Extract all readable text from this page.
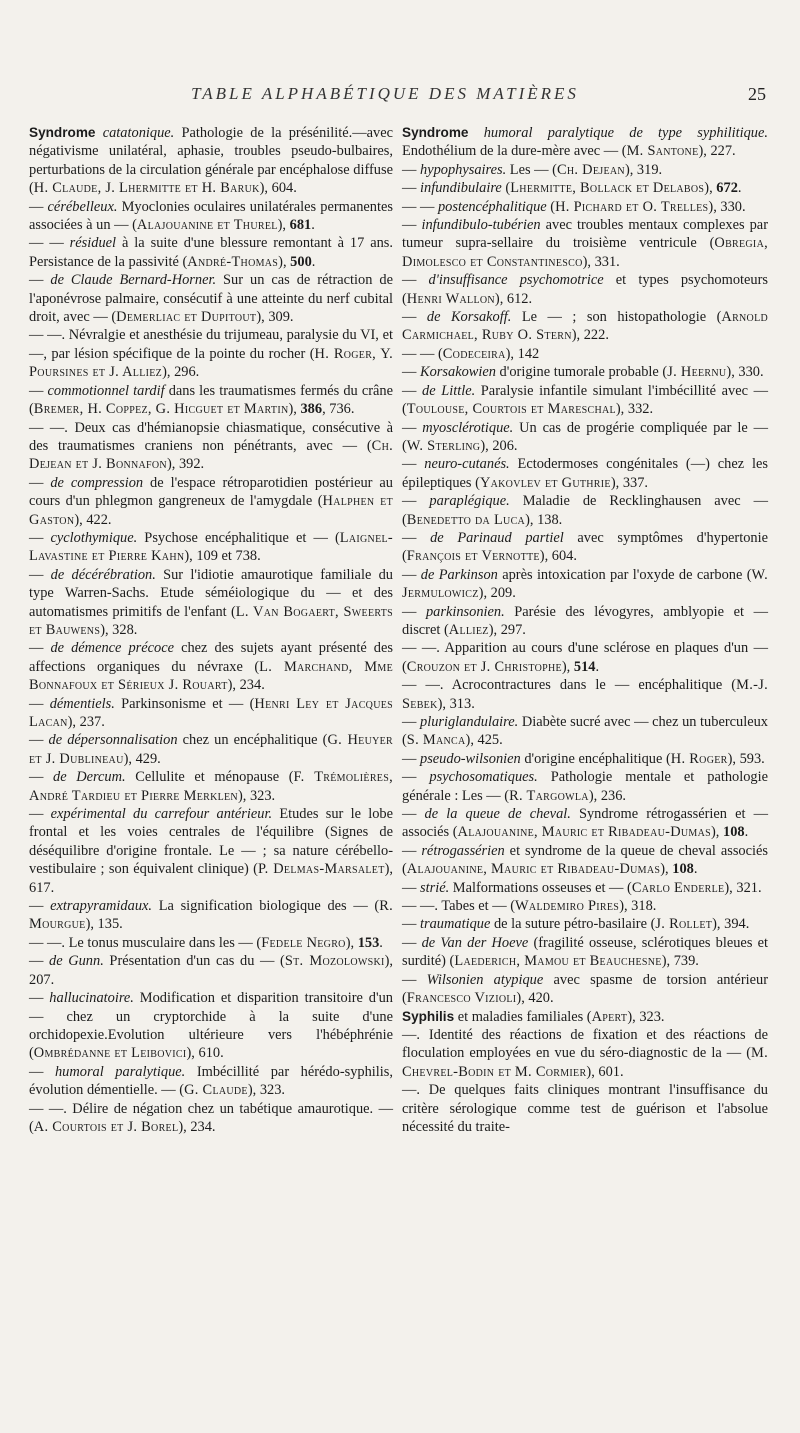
TABLE ALPHABÉTIQUE DES MATIÈRES	25
Syndrome catatonique. Pathologie de la présénilité.—avec négativisme unilatéral, aphasie, troubles pseudo-bulbaires, perturbations de la circulation générale par encéphalose diffuse (H. Claude, J. Lhermitte et H. Baruk), 604.
— cérébelleux. Myoclonies oculaires unilatérales permanentes associées à un — (Alajouanine et Thurel), 681.
— — résiduel à la suite d'une blessure remontant à 17 ans. Persistance de la passivité (André-Thomas), 500.
— de Claude Bernard-Horner. Sur un cas de rétraction de l'aponévrose palmaire, consécutif à une atteinte du nerf cubital droit, avec — (Demerliac et Dupitout), 309.
— —. Névralgie et anesthésie du trijumeau, paralysie du VI, et —, par lésion spécifique de la pointe du rocher (H. Roger, Y. Poursines et J. Alliez), 296.
— commotionnel tardif dans les traumatismes fermés du crâne (Bremer, H. Coppez, G. Hicguet et Martin), 386, 736.
— —. Deux cas d'hémianopsie chiasmatique, consécutive à des traumatismes craniens non pénétrants, avec — (Ch. Dejean et J. Bonnafon), 392.
— de compression de l'espace rétroparotidien postérieur au cours d'un phlegmon gangreneux de l'amygdale (Halphen et Gaston), 422.
— cyclothymique. Psychose encéphalitique et — (Laignel-Lavastine et Pierre Kahn), 109 et 738.
— de décérébration. Sur l'idiotie amaurotique familiale du type Warren-Sachs. Etude séméiologique du — et des automatismes primitifs de l'enfant (L. Van Bogaert, Sweerts et Bauwens), 328.
— de démence précoce chez des sujets ayant présenté des affections organiques du névraxe (L. Marchand, Mme Bonnafoux et Sérieux J. Rouart), 234.
— démentiels. Parkinsonisme et — (Henri Ley et Jacques Lacan), 237.
— de dépersonnalisation chez un encéphalitique (G. Heuyer et J. Dublineau), 429.
— de Dercum. Cellulite et ménopause (F. Trémolières, André Tardieu et Pierre Merklen), 323.
— expérimental du carrefour antérieur. Etudes sur le lobe frontal et les voies centrales de l'équilibre (Signes de déséquilibre d'origine frontale. Le — ; sa nature cérébello-vestibulaire ; son équivalent clinique) (P. Delmas-Marsalet), 617.
— extrapyramidaux. La signification biologique des — (R. Mourgue), 135.
— —. Le tonus musculaire dans les — (Fedele Negro), 153.
— de Gunn. Présentation d'un cas du — (St. Mozolowski), 207.
— hallucinatoire. Modification et disparition transitoire d'un — chez un cryptorchide à la suite d'une orchidopexie.Evolution ultérieure vers l'hébéphrénie (Ombrédanne et Leibovici), 610.
— humoral paralytique. Imbécillité par hérédo-syphilis, évolution démentielle. — (G. Claude), 323.
— —. Délire de négation chez un tabétique amaurotique. — (A. Courtois et J. Borel), 234.
Syndrome humoral paralytique de type syphilitique. Endothélium de la dure-mère avec — (M. Santone), 227.
— hypophysaires. Les — (Ch. Dejean), 319.
— infundibulaire (Lhermitte, Bollack et Delabos), 672.
— — postencéphalitique (H. Pichard et O. Trelles), 330.
— infundibulo-tubérien avec troubles mentaux complexes par tumeur supra-sellaire du troisième ventricule (Obregia, Dimolesco et Constantinesco), 331.
— d'insuffisance psychomotrice et types psychomoteurs (Henri Wallon), 612.
— de Korsakoff. Le — ; son histopathologie (Arnold Carmichael, Ruby O. Stern), 222.
— — (Codeceira), 142
— Korsakowien d'origine tumorale probable (J. Heernu), 330.
— de Little. Paralysie infantile simulant l'imbécillité avec — (Toulouse, Courtois et Mareschal), 332.
— myosclérotique. Un cas de progérie compliquée par le — (W. Sterling), 206.
— neuro-cutanés. Ectodermoses congénitales (—) chez les épileptiques (Yakovlev et Guthrie), 337.
— paraplégique. Maladie de Recklinghausen avec — (Benedetto da Luca), 138.
— de Parinaud partiel avec symptômes d'hypertonie (François et Vernotte), 604.
— de Parkinson après intoxication par l'oxyde de carbone (W. Jermulowicz), 209.
— parkinsonien. Parésie des lévogyres, amblyopie et — discret (Alliez), 297.
— —. Apparition au cours d'une sclérose en plaques d'un — (Crouzon et J. Christophe), 514.
— —. Acrocontractures dans le — encéphalitique (M.-J. Sebek), 313.
— pluriglandulaire. Diabète sucré avec — chez un tuberculeux (S. Manca), 425.
— pseudo-wilsonien d'origine encéphalitique (H. Roger), 593.
— psychosomatiques. Pathologie mentale et pathologie générale : Les — (R. Targowla), 236.
— de la queue de cheval. Syndrome rétrogassérien et — associés (Alajouanine, Mauric et Ribadeau-Dumas), 108.
— rétrogassérien et syndrome de la queue de cheval associés (Alajouanine, Mauric et Ribadeau-Dumas), 108.
— strié. Malformations osseuses et — (Carlo Enderle), 321.
— —. Tabes et — (Waldemiro Pires), 318.
— traumatique de la suture pétro-basilaire (J. Rollet), 394.
— de Van der Hoeve (fragilité osseuse, sclérotiques bleues et surdité) (Laederich, Mamou et Beauchesne), 739.
— Wilsonien atypique avec spasme de torsion antérieur (Francesco Vizioli), 420.
Syphilis et maladies familiales (Apert), 323.
—. Identité des réactions de fixation et des réactions de floculation employées en vue du séro-diagnostic de la — (M. Chevrel-Bodin et M. Cormier), 601.
—. De quelques faits cliniques montrant l'insuffisance du critère sérologique comme test de guérison et l'absolue nécessité du traite-
